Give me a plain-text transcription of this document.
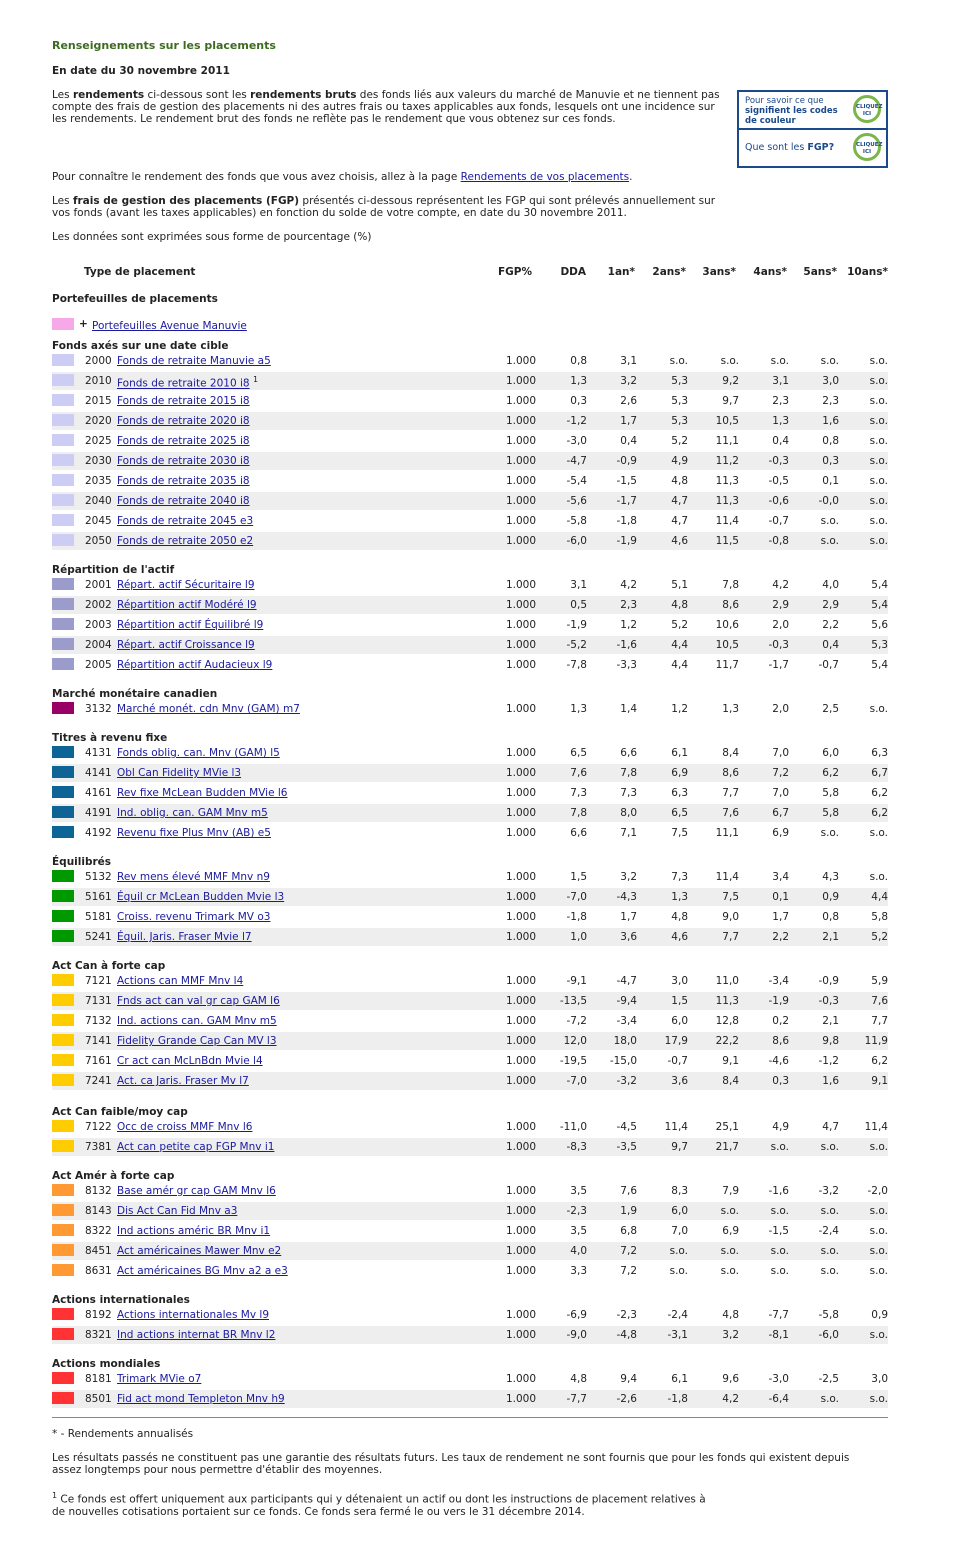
Renseignements sur les placements
En date du 30 novembre 2011
Les rendements ci-dessous sont les rendements bruts des fonds liés aux valeurs du marché de Manuvie et ne tiennent pas compte des frais de gestion des placements ni des autres frais ou taxes applicables aux fonds, lesquels ont une incidence sur les rendements. Le rendement brut des fonds ne reflète pas le rendement que vous obtenez sur ces fonds.
Pour savoir ce que
signifient les codes
de couleur
CLIQUEZ ICI
Que sont les FGP?	CLIQUEZ ICI
Pour connaître le rendement des fonds que vous avez choisis, allez à la page Rendements de vos placements.
Les frais de gestion des placements (FGP) présentés ci-dessous représentent les FGP qui sont prélevés annuellement sur vos fonds (avant les taxes applicables) en fonction du solde de votre compte, en date du 30 novembre 2011.
Les données sont exprimées sous forme de pourcentage (%)
Type de placement	FGP%	DDA	1an*	2ans*	3ans*	4ans*	5ans* 10ans*
Portefeuilles de placements
+ Portefeuilles Avenue Manuvie
Fonds axés sur une date cible
2000 Fonds de retraite Manuvie a5	1.000	0,8	3,1	s.o.	s.o.	s.o.	s.o.	s.o.
2010 Fonds de retraite 2010 i8 $^1$	1.000	1,3	3,2	5,3	9,2	3,1	3,0	s.o.
2015 Fonds de retraite 2015 i8	1.000	0,3	2,6	5,3	9,7	2,3	2,3	s.o.
2020 Fonds de retraite 2020 i8	1.000	-1,2	1,7	5,3	10,5	1,3	1,6	s.o.
2025 Fonds de retraite 2025 i8	1.000	-3,0	0,4	5,2	11,1	0,4	0,8	s.o.
2030 Fonds de retraite 2030 i8	1.000	-4,7	-0,9	4,9	11,2	-0,3	0,3	s.o.
2035 Fonds de retraite 2035 i8	1.000	-5,4	-1,5	4,8	11,3	-0,5	0,1	s.o.
2040 Fonds de retraite 2040 i8	1.000	-5,6	-1,7	4,7	11,3	-0,6	-0,0	s.o.
2045 Fonds de retraite 2045 e3	1.000	-5,8	-1,8	4,7	11,4	-0,7	s.o.	s.o.
2050 Fonds de retraite 2050 e2	1.000	-6,0	-1,9	4,6	11,5	-0,8	s.o.	s.o.
Répartition de l'actif
2001 Répart. actif Sécuritaire l9	1.000	3,1	4,2	5,1	7,8	4,2	4,0	5,4
2002 Répartition actif Modéré l9	1.000	0,5	2,3	4,8	8,6	2,9	2,9	5,4
2003 Répartition actif Équilibré l9	1.000	-1,9	1,2	5,2	10,6	2,0	2,2	5,6
2004 Répart. actif Croissance l9	1.000	-5,2	-1,6	4,4	10,5	-0,3	0,4	5,3
2005 Répartition actif Audacieux l9	1.000	-7,8	-3,3	4,4	11,7	-1,7	-0,7	5,4
Marché monétaire canadien
3132 Marché monét. cdn Mnv (GAM) m7	1.000	1,3	1,4	1,2	1,3	2,0	2,5	s.o.
Titres à revenu fixe
4131 Fonds oblig. can. Mnv (GAM) l5	1.000	6,5	6,6	6,1	8,4	7,0	6,0	6,3
4141 Obl Can Fidelity MVie l3	1.000	7,6	7,8	6,9	8,6	7,2	6,2	6,7
4161 Rev fixe McLean Budden MVie l6	1.000	7,3	7,3	6,3	7,7	7,0	5,8	6,2
4191 Ind. oblig. can. GAM Mnv m5	1.000	7,8	8,0	6,5	7,6	6,7	5,8	6,2
4192 Revenu fixe Plus Mnv (AB) e5	1.000	6,6	7,1	7,5	11,1	6,9	s.o.	s.o.
Équilibrés
5132 Rev mens élevé MMF Mnv n9	1.000	1,5	3,2	7,3	11,4	3,4	4,3	s.o.
5161 Équil cr McLean Budden Mvie l3	1.000	-7,0	-4,3	1,3	7,5	0,1	0,9	4,4
5181 Croiss. revenu Trimark MV o3	1.000	-1,8	1,7	4,8	9,0	1,7	0,8	5,8
5241 Équil. Jaris. Fraser Mvie l7	1.000	1,0	3,6	4,6	7,7	2,2	2,1	5,2
Act Can à forte cap
7121 Actions can MMF Mnv l4	1.000	-9,1	-4,7	3,0	11,0	-3,4	-0,9	5,9
7131 Fnds act can val gr cap GAM l6	1.000	-13,5	-9,4	1,5	11,3	-1,9	-0,3	7,6
7132 Ind. actions can. GAM Mnv m5	1.000	-7,2	-3,4	6,0	12,8	0,2	2,1	7,7
7141 Fidelity Grande Cap Can MV l3	1.000	12,0	18,0	17,9	22,2	8,6	9,8	11,9
7161 Cr act can McLnBdn Mvie l4	1.000	-19,5	-15,0	-0,7	9,1	-4,6	-1,2	6,2
7241 Act. ca Jaris. Fraser Mv l7	1.000	-7,0	-3,2	3,6	8,4	0,3	1,6	9,1
Act Can faible/moy cap
7122 Occ de croiss MMF Mnv l6	1.000	-11,0	-4,5	11,4	25,1	4,9	4,7	11,4
7381 Act can petite cap FGP Mnv i1	1.000	-8,3	-3,5	9,7	21,7	s.o.	s.o.	s.o.
Act Amér à forte cap
8132 Base amér gr cap GAM Mnv l6	1.000	3,5	7,6	8,3	7,9	-1,6	-3,2	-2,0
8143 Dis Act Can Fid Mnv a3	1.000	-2,3	1,9	6,0	s.o.	s.o.	s.o.	s.o.
8322 Ind actions améric BR Mnv i1	1.000	3,5	6,8	7,0	6,9	-1,5	-2,4	s.o.
8451 Act américaines Mawer Mnv e2	1.000	4,0	7,2	s.o.	s.o.	s.o.	s.o.	s.o.
8631 Act américaines BG Mnv a2 a e3	1.000	3,3	7,2	s.o.	s.o.	s.o.	s.o.	s.o.
Actions internationales
8192 Actions internationales Mv l9	1.000	-6,9	-2,3	-2,4	4,8	-7,7	-5,8	0,9
8321 Ind actions internat BR Mnv l2	1.000	-9,0	-4,8	-3,1	3,2	-8,1	-6,0	s.o.
Actions mondiales
8181 Trimark MVie o7	1.000	4,8	9,4	6,1	9,6	-3,0	-2,5	3,0
8501 Fid act mond Templeton Mnv h9	1.000	-7,7	-2,6	-1,8	4,2	-6,4	s.o.	s.o.
* - Rendements annualisés
Les résultats passés ne constituent pas une garantie des résultats futurs. Les taux de rendement ne sont fournis que pour les fonds qui existent depuis assez longtemps pour nous permettre d'établir des moyennes.
$^1$ Ce fonds est offert uniquement aux participants qui y détenaient un actif ou dont les instructions de placement relatives à de nouvelles cotisations portaient sur ce fonds. Ce fonds sera fermé le ou vers le 31 décembre 2014.
